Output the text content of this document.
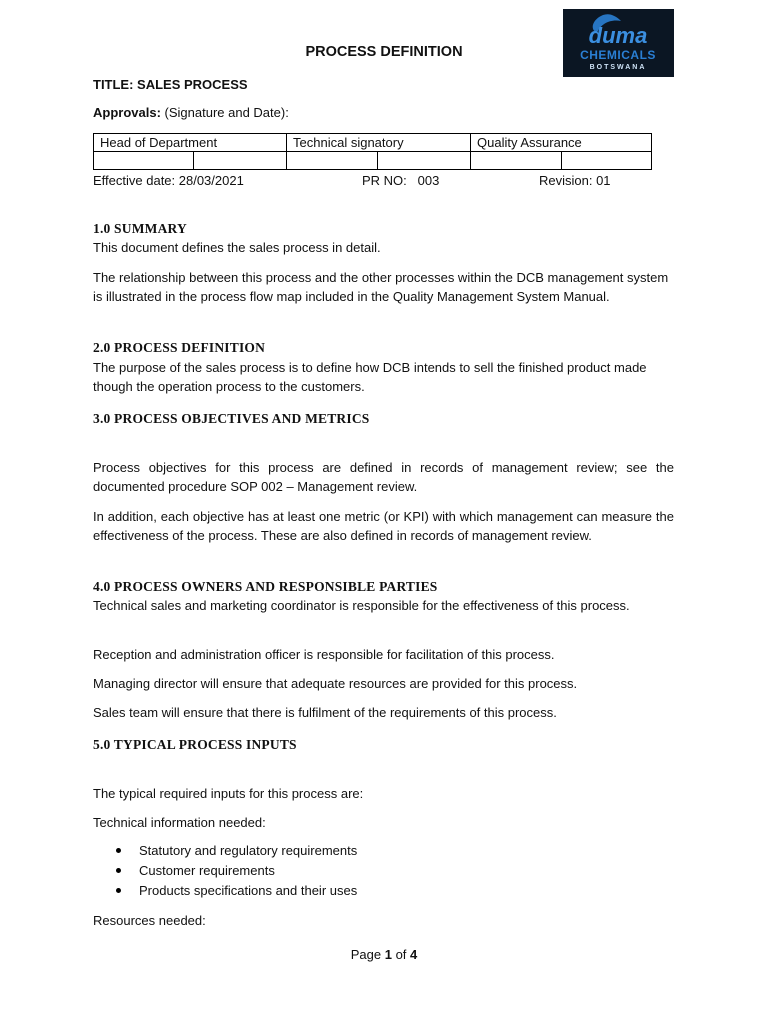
duma
CHEMICALS
BOTSWANA
PROCESS DEFINITION
TITLE: SALES PROCESS
Approvals: (Signature and Date):
Head of Department		Technical signatory		Quality Assurance	

Effective date: 28/03/2021	PR NO:   003	Revision: 01
1.0 SUMMARY

This document defines the sales process in detail.

The relationship between this process and the other processes within the DCB management system is illustrated in the process flow map included in the Quality Management System Manual.

2.0 PROCESS DEFINITION

The purpose of the sales process is to define how DCB intends to sell the finished product made though the operation process to the customers.

3.0 PROCESS OBJECTIVES AND METRICS

Process objectives for this process are defined in records of management review; see the documented procedure SOP 002 – Management review.

In addition, each objective has at least one metric (or KPI) with which management can measure the effectiveness of the process. These are also defined in records of management review.

4.0 PROCESS OWNERS AND RESPONSIBLE PARTIES

Technical sales and marketing coordinator is responsible for the effectiveness of this process.

Reception and administration officer is responsible for facilitation of this process.

Managing director will ensure that adequate resources are provided for this process.

Sales team will ensure that there is fulfilment of the requirements of this process.

5.0 TYPICAL PROCESS INPUTS

The typical required inputs for this process are:

Technical information needed:

Statutory and regulatory requirements
Customer requirements
Products specifications and their uses

Resources needed:

Page 1 of 4
